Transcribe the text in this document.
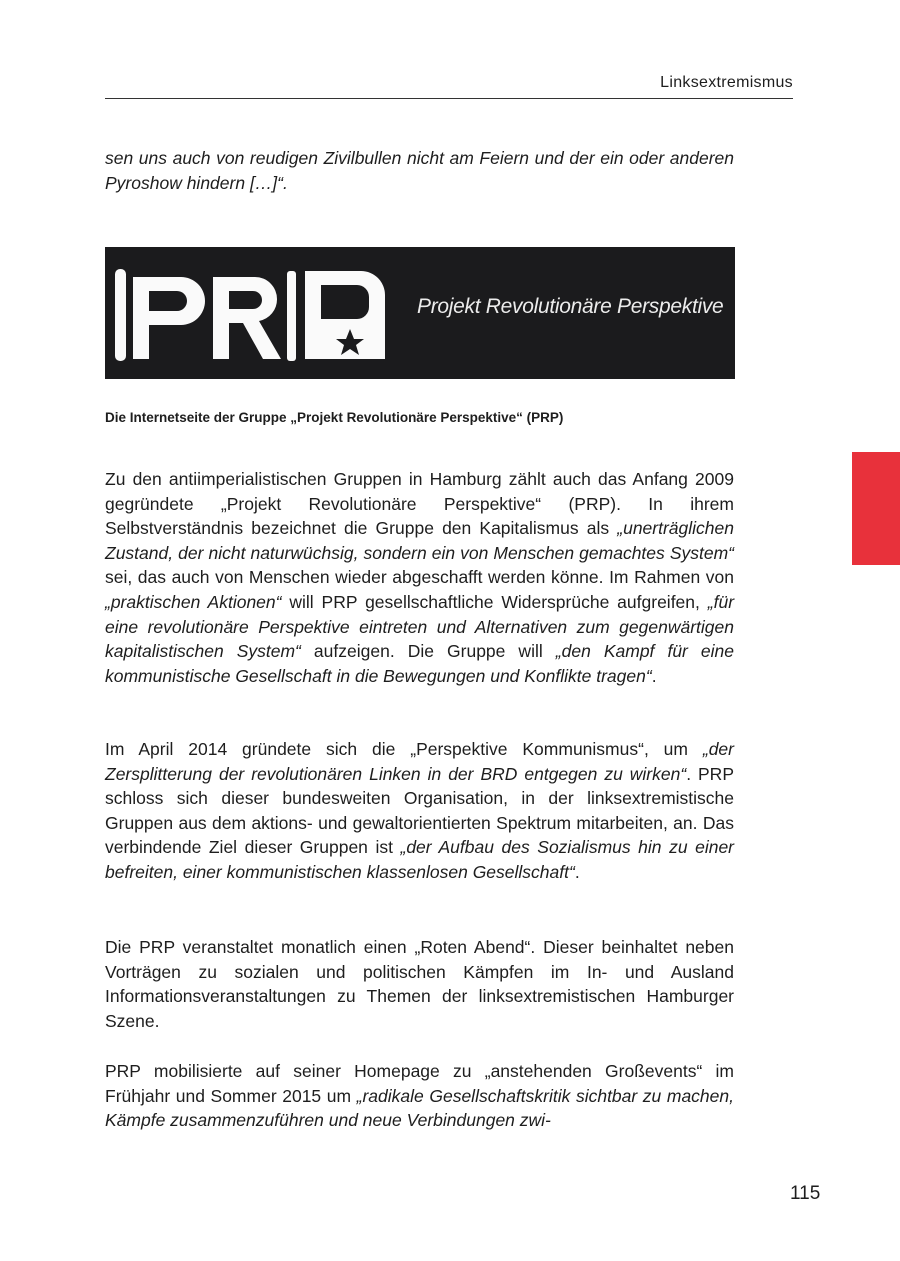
Linksextremismus

sen uns auch von reudigen Zivilbullen nicht am Feiern und der ein oder anderen Pyroshow hindern […]“.

Projekt Revolutionäre Perspektive
Die Internetseite der Gruppe „Projekt Revolutionäre Perspektive“ (PRP)

Zu den antiimperialistischen Gruppen in Hamburg zählt auch das Anfang 2009 gegründete „Projekt Revolutionäre Perspektive“ (PRP). In ihrem Selbstverständnis bezeichnet die Gruppe den Kapitalismus als „unerträglichen Zustand, der nicht naturwüchsig, sondern ein von Menschen gemachtes System“ sei, das auch von Menschen wieder abgeschafft werden könne. Im Rahmen von „praktischen Aktionen“ will PRP gesellschaftliche Widersprüche aufgreifen, „für eine revolutionäre Perspektive eintreten und Alternativen zum gegenwärtigen kapitalistischen System“ aufzeigen. Die Gruppe will „den Kampf für eine kommunistische Gesellschaft in die Bewegungen und Konflikte tragen“.

Im April 2014 gründete sich die „Perspektive Kommunismus“, um „der Zersplitterung der revolutionären Linken in der BRD entgegen zu wirken“. PRP schloss sich dieser bundesweiten Organisation, in der linksextremistische Gruppen aus dem aktions- und gewaltorientierten Spektrum mitarbeiten, an. Das verbindende Ziel dieser Gruppen ist „der Aufbau des Sozialismus hin zu einer befreiten, einer kommunistischen klassenlosen Gesellschaft“.

Die PRP veranstaltet monatlich einen „Roten Abend“. Dieser beinhaltet neben Vorträgen zu sozialen und politischen Kämpfen im In- und Ausland Informationsveranstaltungen zu Themen der linksextremistischen Hamburger Szene.

PRP mobilisierte auf seiner Homepage zu „anstehenden Großevents“ im Frühjahr und Sommer 2015 um „radikale Gesellschaftskritik sichtbar zu machen, Kämpfe zusammenzuführen und neue Verbindungen zwi-

115
